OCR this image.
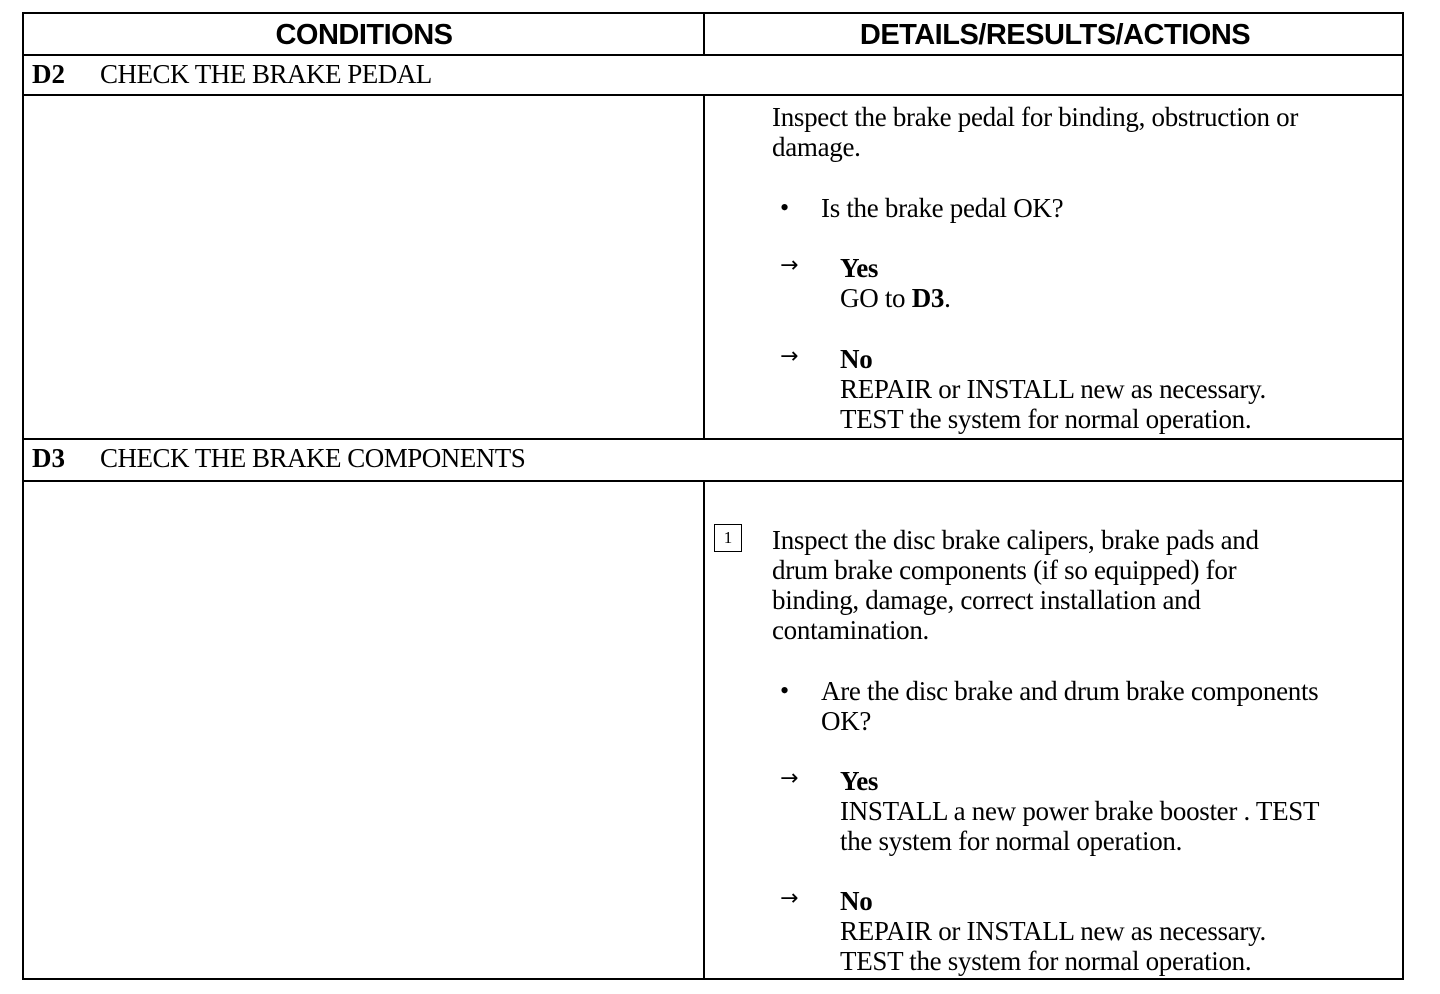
CONDITIONS	DETAILS/RESULTS/ACTIONS
D2 CHECK THE BRAKE PEDAL
D3 CHECK THE BRAKE COMPONENTS
Inspect the brake pedal for binding, obstruction or
damage.
• Is the brake pedal OK?
→ Yes
GO to D3.
→ No
REPAIR or INSTALL new as necessary.
TEST the system for normal operation.
1	Inspect the disc brake calipers, brake pads and
drum brake components (if so equipped) for
binding, damage, correct installation and
contamination.
• Are the disc brake and drum brake components
OK?
→ Yes
INSTALL a new power brake booster . TEST
the system for normal operation.
→ No
REPAIR or INSTALL new as necessary.
TEST the system for normal operation.
